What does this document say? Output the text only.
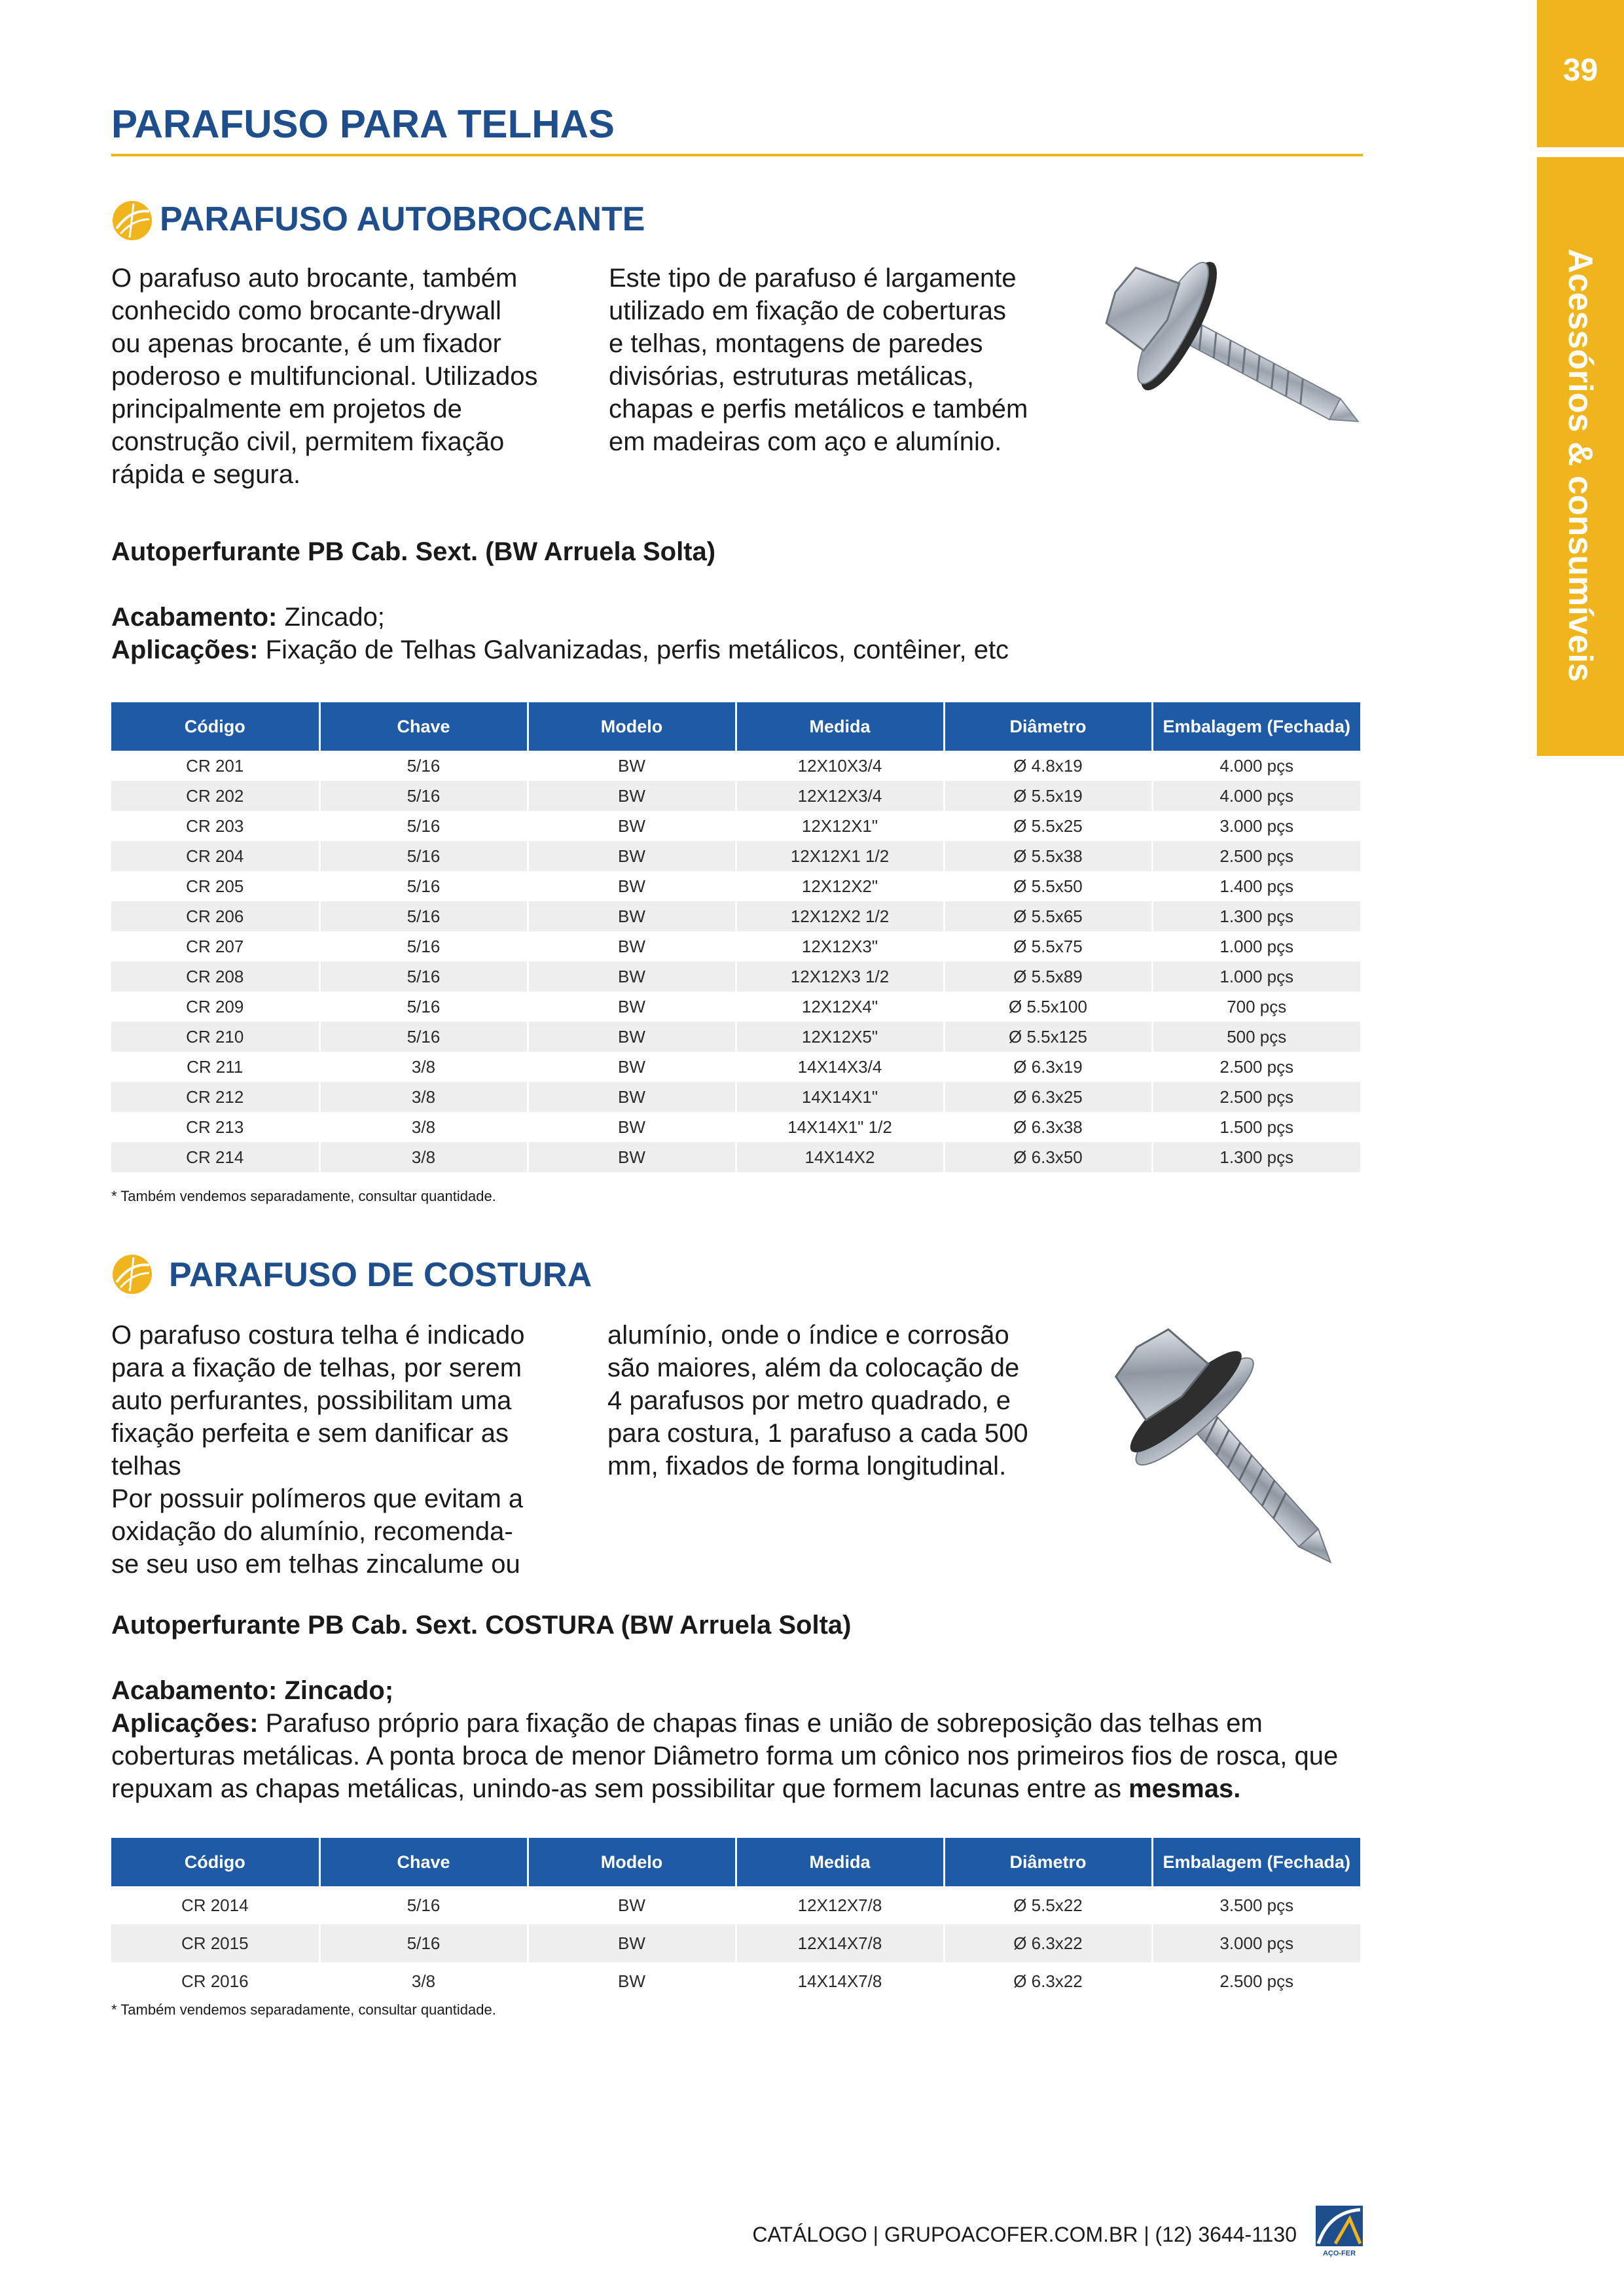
39
Acessórios & consumíveis
PARAFUSO PARA TELHAS
PARAFUSO AUTOBROCANTE

O parafuso auto brocante, também
conhecido como brocante-drywall
ou apenas brocante, é um fixador
poderoso e multifuncional. Utilizados
principalmente em projetos de
construção civil, permitem fixação
rápida e segura.

Este tipo de parafuso é largamente
utilizado em fixação de coberturas
e telhas, montagens de paredes
divisórias, estruturas metálicas,
chapas e perfis metálicos e também
em madeiras com aço e alumínio.

Autoperfurante PB Cab. Sext. (BW Arruela Solta)
Acabamento: Zincado;
Aplicações: Fixação de Telhas Galvanizadas, perfis metálicos, contêiner, etc
Código	Chave	Modelo	Medida	Diâmetro	Embalagem (Fechada)
CR 201	5/16	BW	12X10X3/4	Ø 4.8x19	4.000 pçs
CR 202	5/16	BW	12X12X3/4	Ø 5.5x19	4.000 pçs
CR 203	5/16	BW	12X12X1"	Ø 5.5x25	3.000 pçs
CR 204	5/16	BW	12X12X1 1/2	Ø 5.5x38	2.500 pçs
CR 205	5/16	BW	12X12X2"	Ø 5.5x50	1.400 pçs
CR 206	5/16	BW	12X12X2 1/2	Ø 5.5x65	1.300 pçs
CR 207	5/16	BW	12X12X3"	Ø 5.5x75	1.000 pçs
CR 208	5/16	BW	12X12X3 1/2	Ø 5.5x89	1.000 pçs
CR 209	5/16	BW	12X12X4"	Ø 5.5x100	700 pçs
CR 210	5/16	BW	12X12X5"	Ø 5.5x125	500 pçs
CR 211	3/8	BW	14X14X3/4	Ø 6.3x19	2.500 pçs
CR 212	3/8	BW	14X14X1"	Ø 6.3x25	2.500 pçs
CR 213	3/8	BW	14X14X1" 1/2	Ø 6.3x38	1.500 pçs
CR 214	3/8	BW	14X14X2	Ø 6.3x50	1.300 pçs
* Também vendemos separadamente, consultar quantidade.
PARAFUSO DE COSTURA

O parafuso costura telha é indicado
para a fixação de telhas, por serem
auto perfurantes, possibilitam uma
fixação perfeita e sem danificar as
telhas
Por possuir polímeros que evitam a
oxidação do alumínio, recomenda-
se seu uso em telhas zincalume ou

alumínio, onde o índice e corrosão
são maiores, além da colocação de
4 parafusos por metro quadrado, e
para costura, 1 parafuso a cada 500
mm, fixados de forma longitudinal.

Autoperfurante PB Cab. Sext. COSTURA (BW Arruela Solta)
Acabamento: Zincado;
Aplicações: Parafuso próprio para fixação de chapas finas e união de sobreposição das telhas em coberturas metálicas. A ponta broca de menor Diâmetro forma um cônico nos primeiros fios de rosca, que repuxam as chapas metálicas, unindo-as sem possibilitar que formem lacunas entre as mesmas.
Código	Chave	Modelo	Medida	Diâmetro	Embalagem (Fechada)
CR 2014	5/16	BW	12X12X7/8	Ø 5.5x22	3.500 pçs
CR 2015	5/16	BW	12X14X7/8	Ø 6.3x22	3.000 pçs
CR 2016	3/8	BW	14X14X7/8	Ø 6.3x22	2.500 pçs
* Também vendemos separadamente, consultar quantidade.
CATÁLOGO | GRUPOACOFER.COM.BR | (12) 3644-1130
AÇO-FER
